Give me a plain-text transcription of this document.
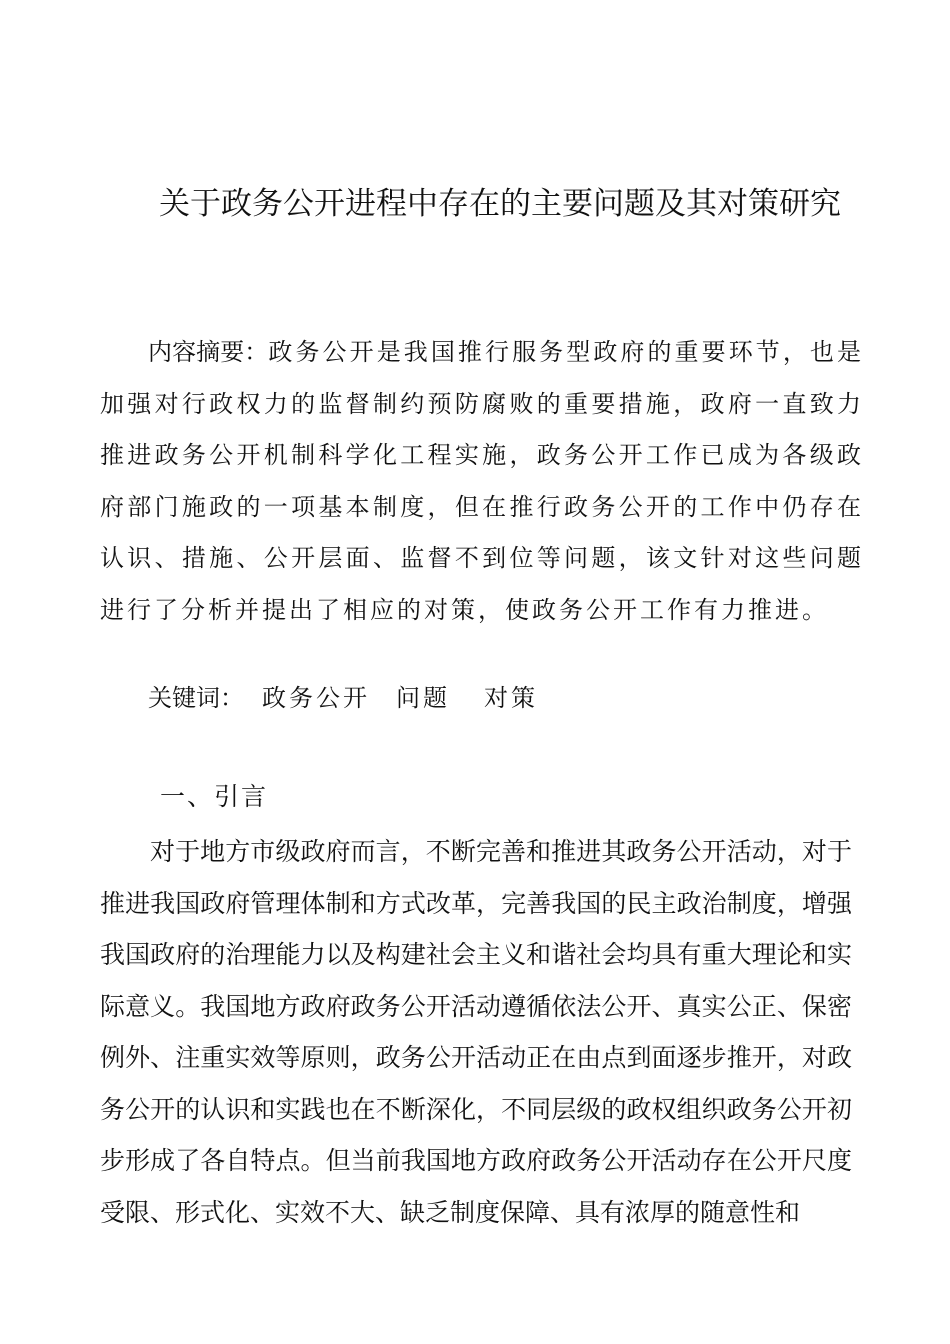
关于政务公开进程中存在的主要问题及其对策研究
内容摘要：政务公开是我国推行服务型政府的重要环节，也是加强对行政权力的监督制约预防腐败的重要措施，政府一直致力推进政务公开机制科学化工程实施，政务公开工作已成为各级政府部门施政的一项基本制度，但在推行政务公开的工作中仍存在认识、措施、公开层面、监督不到位等问题，该文针对这些问题进行了分析并提出了相应的对策，使政务公开工作有力推进。
关键词： 政务公开 问题 对策
一、引言
对于地方市级政府而言，不断完善和推进其政务公开活动，对于推进我国政府管理体制和方式改革，完善我国的民主政治制度，增强我国政府的治理能力以及构建社会主义和谐社会均具有重大理论和实际意义。我国地方政府政务公开活动遵循依法公开、真实公正、保密例外、注重实效等原则，政务公开活动正在由点到面逐步推开，对政务公开的认识和实践也在不断深化，不同层级的政权组织政务公开初步形成了各自特点。但当前我国地方政府政务公开活动存在公开尺度受限、形式化、实效不大、缺乏制度保障、具有浓厚的随意性和
